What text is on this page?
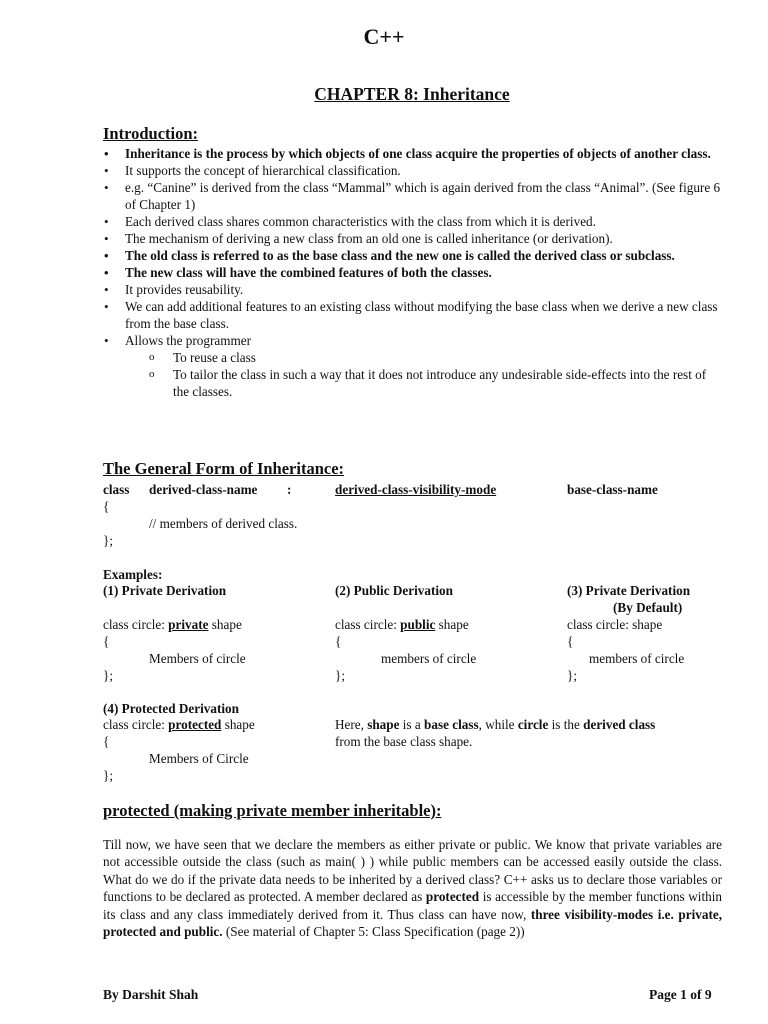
C++
CHAPTER 8: Inheritance
Introduction:
• Inheritance is the process by which objects of one class acquire the properties of objects of another class.
• It supports the concept of hierarchical classification.
• e.g. “Canine” is derived from the class “Mammal” which is again derived from the class “Animal”. (See figure 6 of Chapter 1)
• Each derived class shares common characteristics with the class from which it is derived.
• The mechanism of deriving a new class from an old one is called inheritance (or derivation).
• The old class is referred to as the base class and the new one is called the derived class or subclass.
• The new class will have the combined features of both the classes.
• It provides reusability.
• We can add additional features to an existing class without modifying the base class when we derive a new class from the base class.
• Allows the programmer
o To reuse a class
o To tailor the class in such a way that it does not introduce any undesirable side-effects into the rest of the classes.
The General Form of Inheritance:
class derived-class-name :	derived-class-visibility-mode	base-class-name
{
// members of derived class.
};
Examples:
(1) Private Derivation
class circle: private shape
{
Members of circle
};
(2) Public Derivation
class circle: public shape
{
members of circle
};
(3) Private Derivation
(By Default)
class circle: shape
{
members of circle
};
(4) Protected Derivation
class circle: protected shape
{
Members of Circle
};
Here, shape is a base class, while circle is the derived class
from the base class shape.
protected (making private member inheritable):
Till now, we have seen that we declare the members as either private or public. We know that private variables are not accessible outside the class (such as main( ) ) while public members can be accessed easily outside the class. What do we do if the private data needs to be inherited by a derived class? C++ asks us to declare those variables or functions to be declared as protected. A member declared as protected is accessible by the member functions within its class and any class immediately derived from it. Thus class can have now, three visibility-modes i.e. private, protected and public. (See material of Chapter 5: Class Specification (page 2))
By Darshit Shah	Page 1 of 9
